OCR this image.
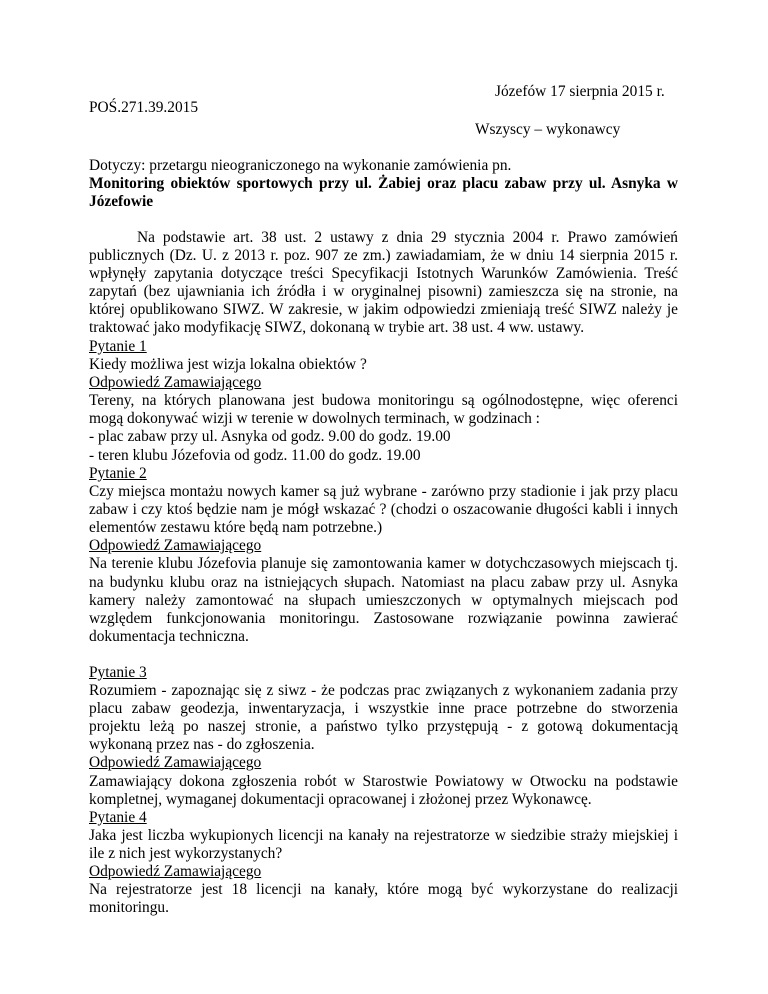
Józefów 17 sierpnia 2015 r.
POŚ.271.39.2015
Wszyscy – wykonawcy

Dotyczy: przetargu nieograniczonego na wykonanie zamówienia pn.

Monitoring obiektów sportowych przy ul. Żabiej oraz placu zabaw przy ul. Asnyka w Józefowie

Na podstawie art. 38 ust. 2 ustawy z dnia 29 stycznia 2004 r. Prawo zamówień publicznych (Dz. U. z 2013 r. poz. 907 ze zm.) zawiadamiam, że w dniu 14 sierpnia 2015 r. wpłynęły zapytania dotyczące treści Specyfikacji Istotnych Warunków Zamówienia. Treść zapytań (bez ujawniania ich źródła i w oryginalnej pisowni) zamieszcza się na stronie, na której opublikowano SIWZ. W zakresie, w jakim odpowiedzi zmieniają treść SIWZ należy je traktować jako modyfikację SIWZ, dokonaną w trybie art. 38 ust. 4 ww. ustawy.

Pytanie 1

Kiedy możliwa jest wizja lokalna obiektów ?

Odpowiedź Zamawiającego

Tereny, na których planowana jest budowa monitoringu są ogólnodostępne, więc oferenci mogą dokonywać wizji w terenie w dowolnych terminach, w godzinach :

- plac zabaw przy ul. Asnyka od godz. 9.00 do godz. 19.00

- teren klubu Józefovia od godz. 11.00 do godz. 19.00

Pytanie 2

Czy miejsca montażu nowych kamer są już wybrane - zarówno przy stadionie i jak przy placu zabaw i czy ktoś będzie nam je mógł wskazać ? (chodzi o oszacowanie długości kabli i innych elementów zestawu które będą nam potrzebne.)

Odpowiedź Zamawiającego

Na terenie klubu Józefovia planuje się zamontowania kamer w dotychczasowych miejscach tj. na budynku klubu oraz na istniejących słupach. Natomiast na placu zabaw przy ul. Asnyka kamery należy zamontować na słupach umieszczonych w optymalnych miejscach pod względem funkcjonowania monitoringu. Zastosowane rozwiązanie powinna zawierać dokumentacja techniczna.

Pytanie 3

Rozumiem - zapoznając się z siwz - że podczas prac związanych z wykonaniem zadania przy placu zabaw geodezja, inwentaryzacja, i wszystkie inne prace potrzebne do stworzenia projektu leżą po naszej stronie, a państwo tylko przystępują - z gotową dokumentacją wykonaną przez nas - do zgłoszenia.

Odpowiedź Zamawiającego

Zamawiający dokona zgłoszenia robót w Starostwie Powiatowy w Otwocku na podstawie kompletnej, wymaganej dokumentacji opracowanej i złożonej przez Wykonawcę.

Pytanie 4

Jaka jest liczba wykupionych licencji na kanały na rejestratorze w siedzibie straży miejskiej i ile z nich jest wykorzystanych?

Odpowiedź Zamawiającego

Na rejestratorze jest 18 licencji na kanały, które mogą być wykorzystane do realizacji monitoringu.
